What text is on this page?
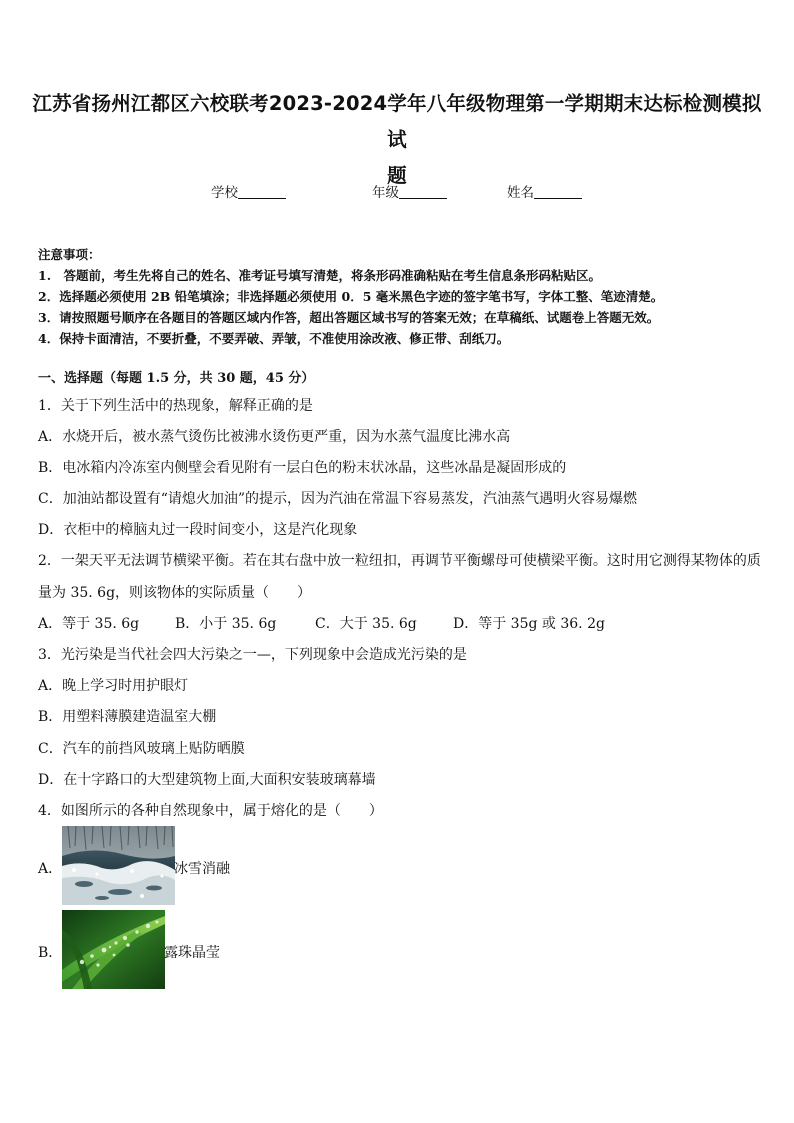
江苏省扬州江都区六校联考2023-2024学年八年级物理第一学期期末达标检测模拟试
题
学校	年级	姓名
注意事项：
1.　答题前，考生先将自己的姓名、准考证号填写清楚，将条形码准确粘贴在考生信息条形码粘贴区。
2．选择题必须使用 2B 铅笔填涂；非选择题必须使用 0．5 毫米黑色字迹的签字笔书写，字体工整、笔迹清楚。
3．请按照题号顺序在各题目的答题区域内作答，超出答题区域书写的答案无效；在草稿纸、试题卷上答题无效。
4．保持卡面清洁，不要折叠，不要弄破、弄皱，不准使用涂改液、修正带、刮纸刀。
一、选择题（每题 1.5 分，共 30 题，45 分）
1．关于下列生活中的热现象，解释正确的是
A．水烧开后，被水蒸气烫伤比被沸水烫伤更严重，因为水蒸气温度比沸水高
B．电冰箱内冷冻室内侧壁会看见附有一层白色的粉末状冰晶，这些冰晶是凝固形成的
C．加油站都设置有“请熄火加油”的提示，因为汽油在常温下容易蒸发，汽油蒸气遇明火容易爆燃
D．衣柜中的樟脑丸过一段时间变小，这是汽化现象
2．一架天平无法调节横梁平衡。若在其右盘中放一粒纽扣，再调节平衡螺母可使横梁平衡。这时用它测得某物体的质
量为 35. 6g，则该物体的实际质量（　　）
A．等于 35. 6g	B．小于 35. 6g	C．大于 35. 6g	D．等于 35g 或 36. 2g
3．光污染是当代社会四大污染之一—，下列现象中会造成光污染的是
A．晚上学习时用护眼灯
B．用塑料薄膜建造温室大棚
C．汽车的前挡风玻璃上贴防晒膜
D．在十字路口的大型建筑物上面,大面积安装玻璃幕墙
4．如图所示的各种自然现象中，属于熔化的是（　　）
A．	冰雪消融
B．	露珠晶莹
